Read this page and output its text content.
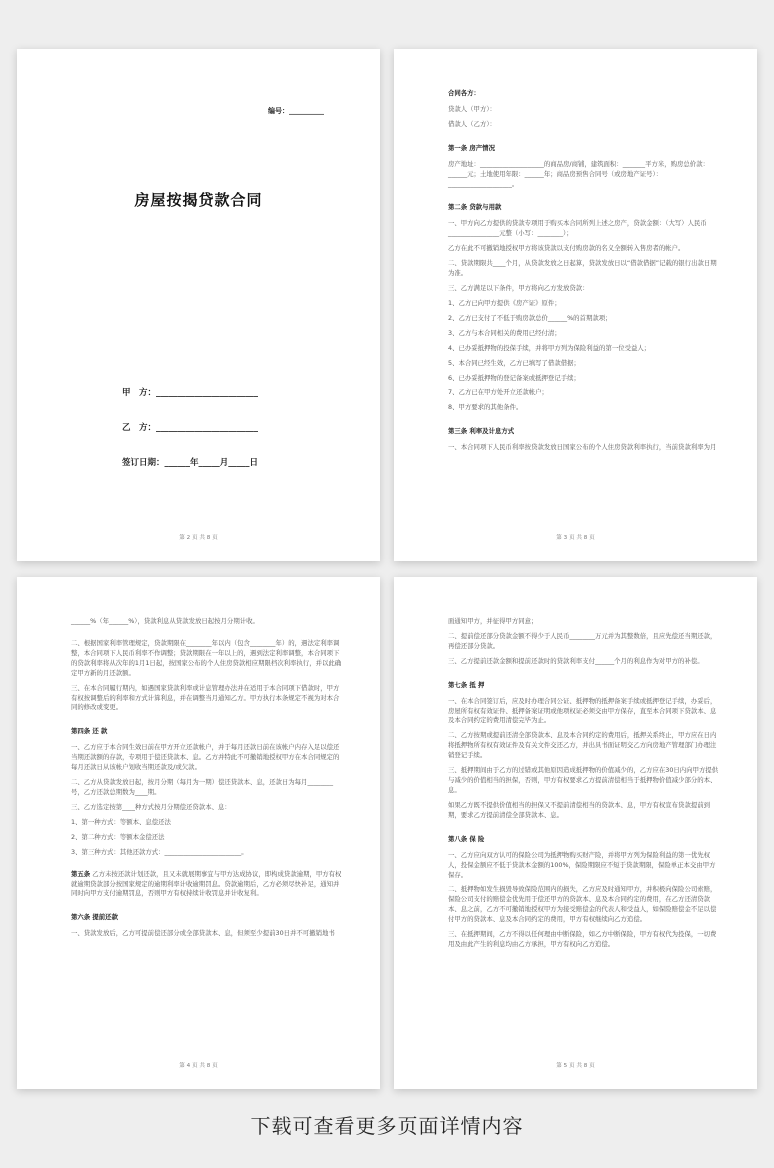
编号：__________
房屋按揭贷款合同
甲　方：________________________
乙　方：________________________
签订日期：______年_____月_____日
第 2 页 共 8 页

合同各方：

贷款人（甲方）：

借款人（乙方）：

第一条 房产情况

房产地址：____________________的商品房/商铺，建筑面积：_______平方米，购房总价款：______元；土地使用年限：______年；商品房预售合同号（或房地产证号）：____________________。

第二条 贷款与用款

一、甲方向乙方提供的贷款专项用于购买本合同所列上述之房产，贷款金额：（大写）人民币________________元整（小写：________）；

乙方在此不可撤销地授权甲方将该贷款以支付购房款的名义全额转入售房者的帐户。

二、贷款期限共____个月，从贷款发放之日起算，贷款发放日以“借款借据”记载的银行出款日期为准。

三、乙方满足以下条件，甲方将向乙方发放贷款：

1、乙方已向甲方提供《房产证》原件；

2、乙方已支付了不低于购房款总价______%的首期款项；

3、乙方与本合同相关的费用已经付清；

4、已办妥抵押物的投保手续，并将甲方列为保险利益的第一位受益人；

5、本合同已经生效，乙方已填写了借款借据；

6、已办妥抵押物的登记备案或抵押登记手续；

7、乙方已在甲方处开立还款帐户；

8、甲方要求的其他条件。

第三条 利率及计息方式

一、本合同项下人民币利率按贷款发放日国家公布的个人住房贷款利率执行，当前贷款利率为月

第 3 页 共 8 页

______%（年______%），贷款利息从贷款发放日起按月分期计收。

二、根据国家利率管理规定，贷款期限在________年以内（包含________年）的，遇法定利率调整，本合同项下人民币利率不作调整；贷款期限在一年以上的，遇到法定利率调整，本合同项下的贷款利率将从次年的1月1日起，按国家公布的个人住房贷款相应期限档次利率执行，并以此确定甲方新的月还款额。

三、在本合同履行期内，如遇国家贷款利率或计息管理办法并在适用于本合同项下借款时，甲方有权按调整后的利率和方式计算利息，并在调整当月通知乙方。甲方执行本条规定不视为对本合同的修改或变更。

第四条 还 款

一、乙方应于本合同生效日前在甲方开立还款帐户，并于每月还款日前在该帐户内存入足以偿还当期还款额的存款，专项用于偿还贷款本、息。乙方并特此不可撤销地授权甲方在本合同规定的每月还款日从该帐户划收当期还款及/或欠款。

二、乙方从贷款发放日起，按月分期（每月为一期）偿还贷款本、息，还款日为每月________号，乙方还款总期数为____期。

三、乙方选定按第____种方式按月分期偿还贷款本、息：

1、第一种方式：等额本、息偿还法

2、第二种方式：等额本金偿还法

3、第三种方式：其他还款方式：________________________。

第五条 乙方未按还款计划还款，且又未就展期事宜与甲方达成协议，即构成贷款逾期，甲方有权就逾期贷款部分按国家规定的逾期利率计收逾期罚息。贷款逾期后，乙方必须尽快补足，通知并同时向甲方支付逾期罚息，否则甲方有权持续计收罚息并计收复利。

第六条 提前还款

一、贷款发放后，乙方可提前偿还部分或全部贷款本、息，但须至少提前30日并不可撤销地书

第 4 页 共 8 页

面通知甲方，并征得甲方同意；

二、提前偿还部分贷款金额不得少于人民币________万元并为其整数倍，且应先偿还当期还款，再偿还部分贷款。

三、乙方提前还款金额和提前还款时的贷款利率支付______个月的利息作为对甲方的补偿。

第七条 抵 押

一、在本合同签订后，应及时办理合同公证、抵押物的抵押备案手续或抵押登记手续，办妥后，房屋所有权有效证件、抵押备案证明或他项权证必须交由甲方保存，直至本合同项下贷款本、息及本合同约定的费用清偿完毕为止。

二、乙方按期或提前还清全部贷款本、息及本合同约定的费用后，抵押关系终止，甲方应在日内将抵押物所有权有效证件及有关文件交还乙方，并出具书面证明交乙方向房地产管理部门办理注销登记手续。

三、抵押期间由于乙方的过错或其他原因造成抵押物的价值减少的，乙方应在30日内向甲方提供与减少的价值相当的担保，否则，甲方有权要求乙方提前清偿相当于抵押物价值减少部分的本、息。

如果乙方既不提供价值相当的担保又不提前清偿相当的贷款本、息，甲方有权宣布贷款提前到期，要求乙方提前清偿全部贷款本、息。

第八条 保 险

一、乙方应向双方认可的保险公司为抵押物购买财产险，并将甲方列为保险利益的第一优先权人，投保金额应不低于贷款本金额的100%，保险期限应不短于贷款期限，保险单正本交由甲方保存。

二、抵押物如发生损毁导致保险范围内的损失，乙方应及时通知甲方，并积极向保险公司索赔，保险公司支付的赔偿金优先用于偿还甲方的贷款本、息及本合同约定的费用，在乙方还清贷款本、息之前，乙方不可撤销地授权甲方为接受赔偿金的代表人和受益人，如保险赔偿金不足以偿付甲方的贷款本、息及本合同约定的费用，甲方有权继续向乙方追偿。

三、在抵押期间，乙方不得以任何理由中断保险，如乙方中断保险，甲方有权代为投保，一切费用及由此产生的利息均由乙方承担，甲方有权向乙方追偿。

第 5 页 共 8 页
下载可查看更多页面详情内容
